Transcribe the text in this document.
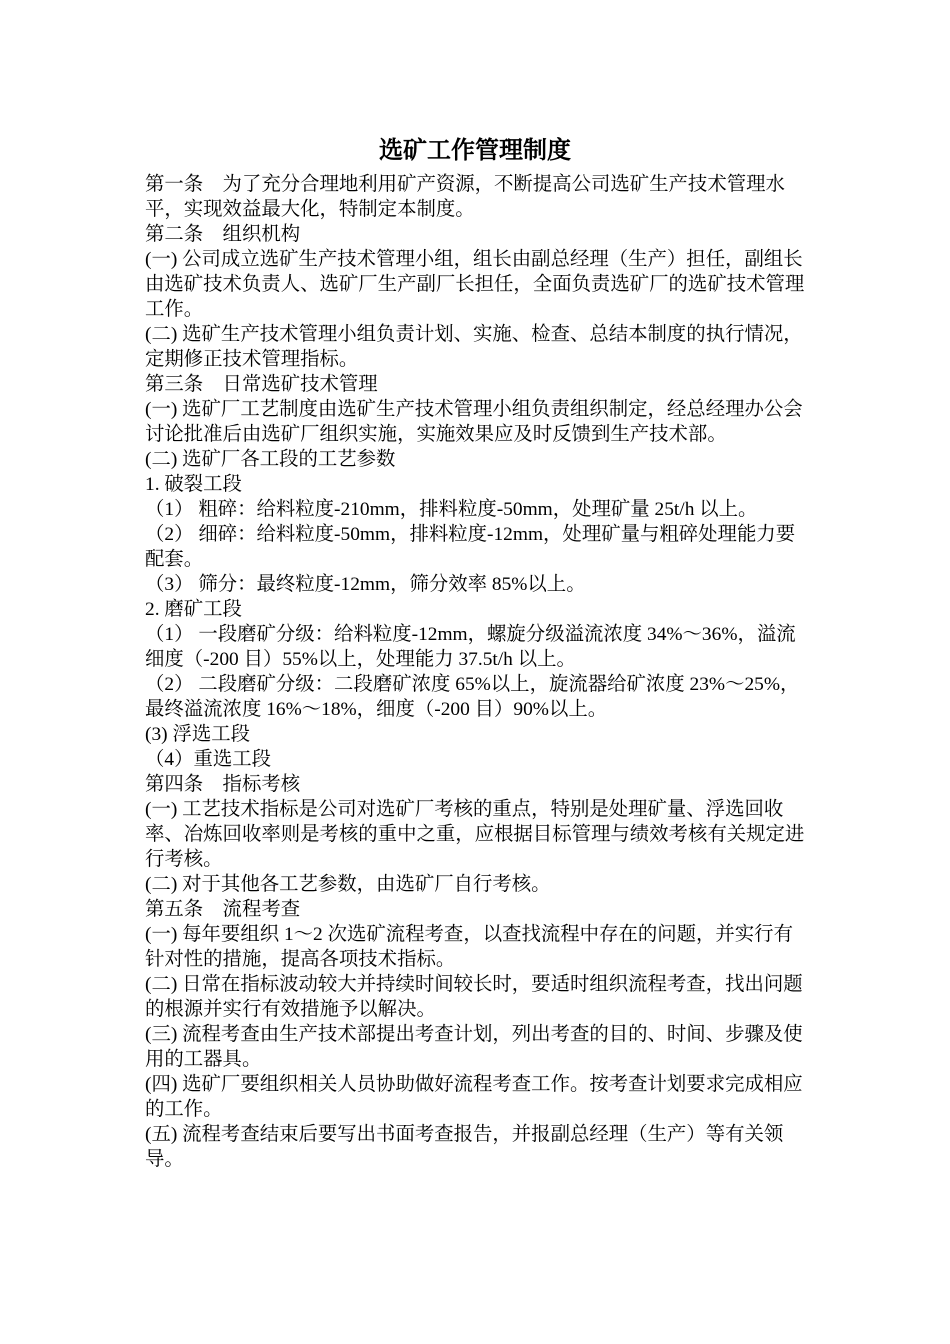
选矿工作管理制度

第一条　为了充分合理地利用矿产资源，不断提高公司选矿生产技术管理水平，实现效益最大化，特制定本制度。

第二条　组织机构

(一) 公司成立选矿生产技术管理小组，组长由副总经理（生产）担任，副组长由选矿技术负责人、选矿厂生产副厂长担任，全面负责选矿厂的选矿技术管理工作。

(二) 选矿生产技术管理小组负责计划、实施、检查、总结本制度的执行情况，定期修正技术管理指标。

第三条　日常选矿技术管理

(一) 选矿厂工艺制度由选矿生产技术管理小组负责组织制定，经总经理办公会讨论批准后由选矿厂组织实施，实施效果应及时反馈到生产技术部。

(二) 选矿厂各工段的工艺参数

1. 破裂工段

（1） 粗碎：给料粒度-210mm，排料粒度-50mm，处理矿量 25t/h 以上。

（2） 细碎：给料粒度-50mm，排料粒度-12mm，处理矿量与粗碎处理能力要配套。

（3） 筛分：最终粒度-12mm，筛分效率 85%以上。

2. 磨矿工段

（1） 一段磨矿分级：给料粒度-12mm，螺旋分级溢流浓度 34%～36%，溢流细度（-200 目）55%以上，处理能力 37.5t/h 以上。

（2） 二段磨矿分级：二段磨矿浓度 65%以上，旋流器给矿浓度 23%～25%，最终溢流浓度 16%～18%，细度（-200 目）90%以上。

(3) 浮选工段

（4）重选工段

第四条　指标考核

(一) 工艺技术指标是公司对选矿厂考核的重点，特别是处理矿量、浮选回收率、冶炼回收率则是考核的重中之重，应根据目标管理与绩效考核有关规定进行考核。

(二) 对于其他各工艺参数，由选矿厂自行考核。

第五条　流程考查

(一) 每年要组织 1～2 次选矿流程考查，以查找流程中存在的问题，并实行有针对性的措施，提高各项技术指标。

(二) 日常在指标波动较大并持续时间较长时，要适时组织流程考查，找出问题的根源并实行有效措施予以解决。

(三) 流程考查由生产技术部提出考查计划，列出考查的目的、时间、步骤及使用的工器具。

(四) 选矿厂要组织相关人员协助做好流程考查工作。按考查计划要求完成相应的工作。

(五) 流程考查结束后要写出书面考查报告，并报副总经理（生产）等有关领导。
